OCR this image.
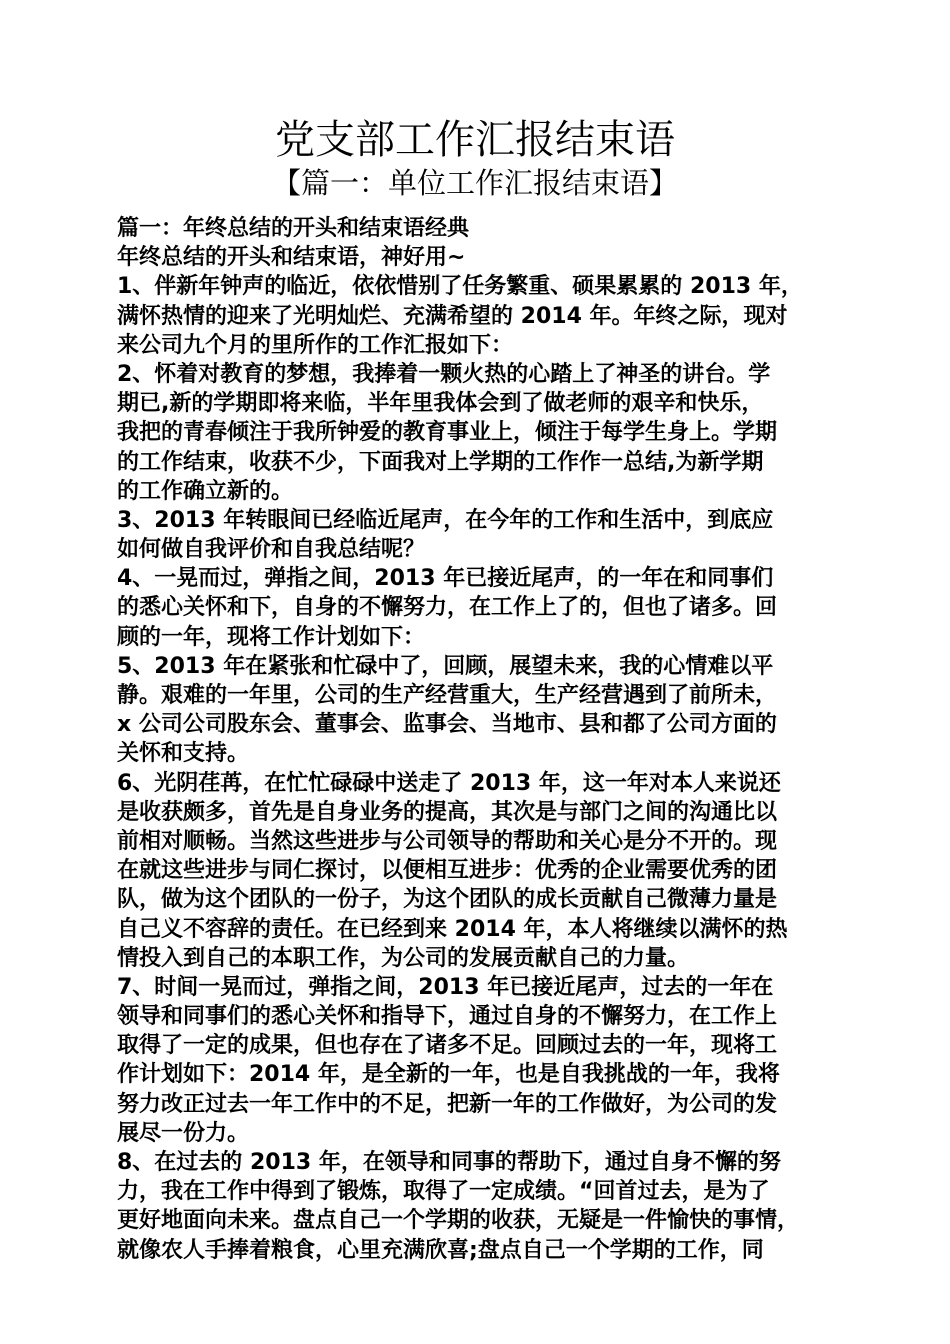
党支部工作汇报结束语
【篇一：单位工作汇报结束语】
篇一：年终总结的开头和结束语经典
年终总结的开头和结束语，神好用~
1、伴新年钟声的临近，依依惜别了任务繁重、硕果累累的 2013 年，
满怀热情的迎来了光明灿烂、充满希望的 2014 年。年终之际，现对
来公司九个月的里所作的工作汇报如下：
2、怀着对教育的梦想，我捧着一颗火热的心踏上了神圣的讲台。学
期已,新的学期即将来临，半年里我体会到了做老师的艰辛和快乐，
我把的青春倾注于我所钟爱的教育事业上，倾注于每学生身上。学期
的工作结束，收获不少，下面我对上学期的工作作一总结,为新学期
的工作确立新的。
3、2013 年转眼间已经临近尾声，在今年的工作和生活中，到底应
如何做自我评价和自我总结呢？
4、一晃而过，弹指之间，2013 年已接近尾声，的一年在和同事们
的悉心关怀和下，自身的不懈努力，在工作上了的，但也了诸多。回
顾的一年，现将工作计划如下：
5、2013 年在紧张和忙碌中了，回顾，展望未来，我的心情难以平
静。艰难的一年里，公司的生产经营重大，生产经营遇到了前所未，
x 公司公司股东会、董事会、监事会、当地市、县和都了公司方面的
关怀和支持。
6、光阴荏苒，在忙忙碌碌中送走了 2013 年，这一年对本人来说还
是收获颇多，首先是自身业务的提高，其次是与部门之间的沟通比以
前相对顺畅。当然这些进步与公司领导的帮助和关心是分不开的。现
在就这些进步与同仁探讨，以便相互进步：优秀的企业需要优秀的团
队，做为这个团队的一份子，为这个团队的成长贡献自己微薄力量是
自己义不容辞的责任。在已经到来 2014 年，本人将继续以满怀的热
情投入到自己的本职工作，为公司的发展贡献自己的力量。
7、时间一晃而过，弹指之间，2013 年已接近尾声，过去的一年在
领导和同事们的悉心关怀和指导下，通过自身的不懈努力，在工作上
取得了一定的成果，但也存在了诸多不足。回顾过去的一年，现将工
作计划如下：2014 年，是全新的一年，也是自我挑战的一年，我将
努力改正过去一年工作中的不足，把新一年的工作做好，为公司的发
展尽一份力。
8、在过去的 2013 年，在领导和同事的帮助下，通过自身不懈的努
力，我在工作中得到了锻炼，取得了一定成绩。“回首过去，是为了
更好地面向未来。盘点自己一个学期的收获，无疑是一件愉快的事情，
就像农人手捧着粮食，心里充满欣喜;盘点自己一个学期的工作，同
